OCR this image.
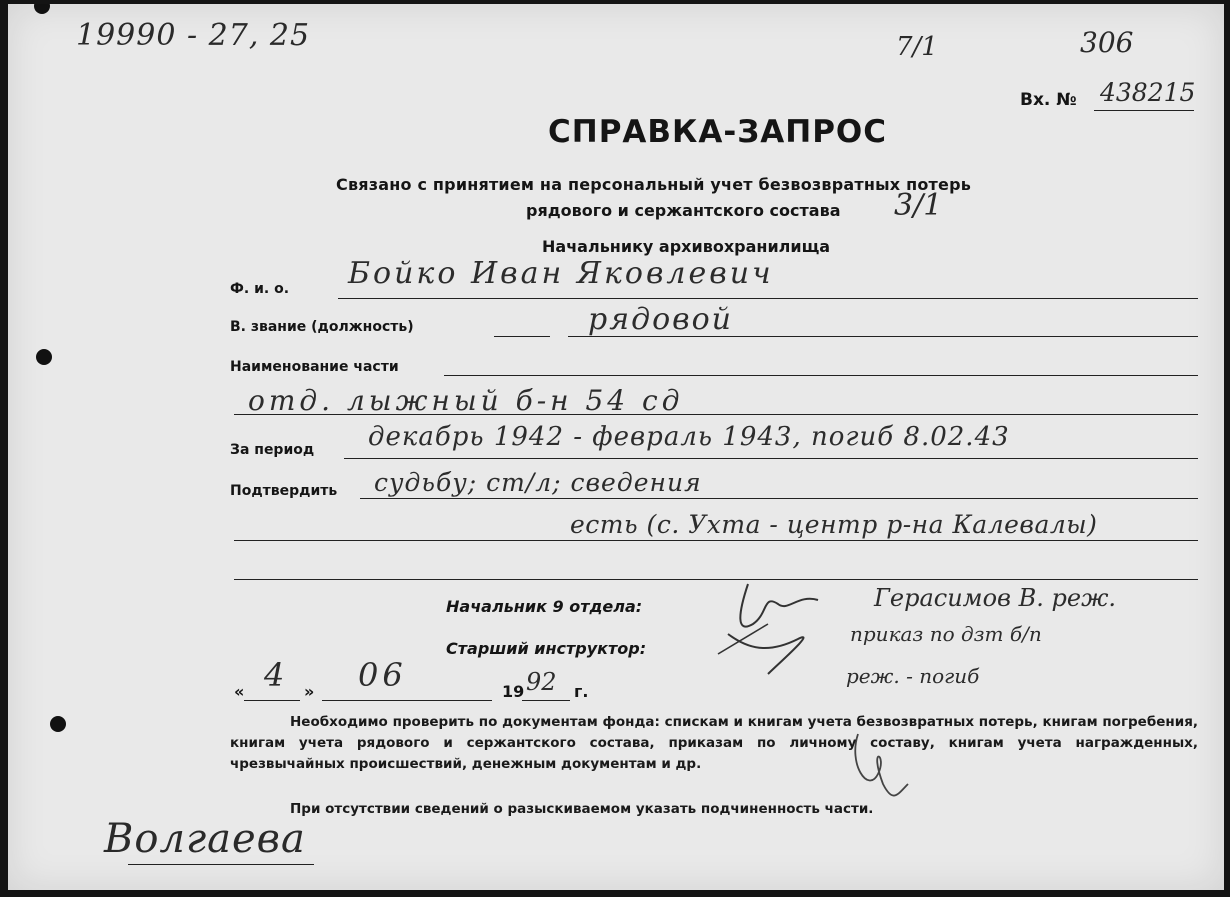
19990 - 27, 25	7/1	306
Вх. № 438215
СПРАВКА-ЗАПРОС
Связано с принятием на персональный учет безвозвратных потерь
рядового и сержантского состава 3/1
Начальнику архивохранилища
Ф. и. о. Бойко Иван Яковлевич
В. звание (должность)	рядовой
Наименование части
отд. лыжный б-н 54 сд
За период декабрь 1942 - февраль 1943, погиб 8.02.43
Подтвердить судьбу; ст/л; сведения
есть (с. Ухта - центр р-на Калевалы)
Начальник 9 отдела:	Герасимов В. реж.
Старший инструктор:
приказ по дзт б/п
реж. - погиб
« 4 » 06	19 92 г.

Необходимо проверить по документам фонда: спискам и книгам учета безвозвратных потерь, книгам погребения, книгам учета рядового и сержантского состава, приказам по личному составу, книгам учета награжденных, чрезвычайных происшествий, денежным документам и др.

При отсутствии сведений о разыскиваемом указать подчиненность части.

Волгаева
